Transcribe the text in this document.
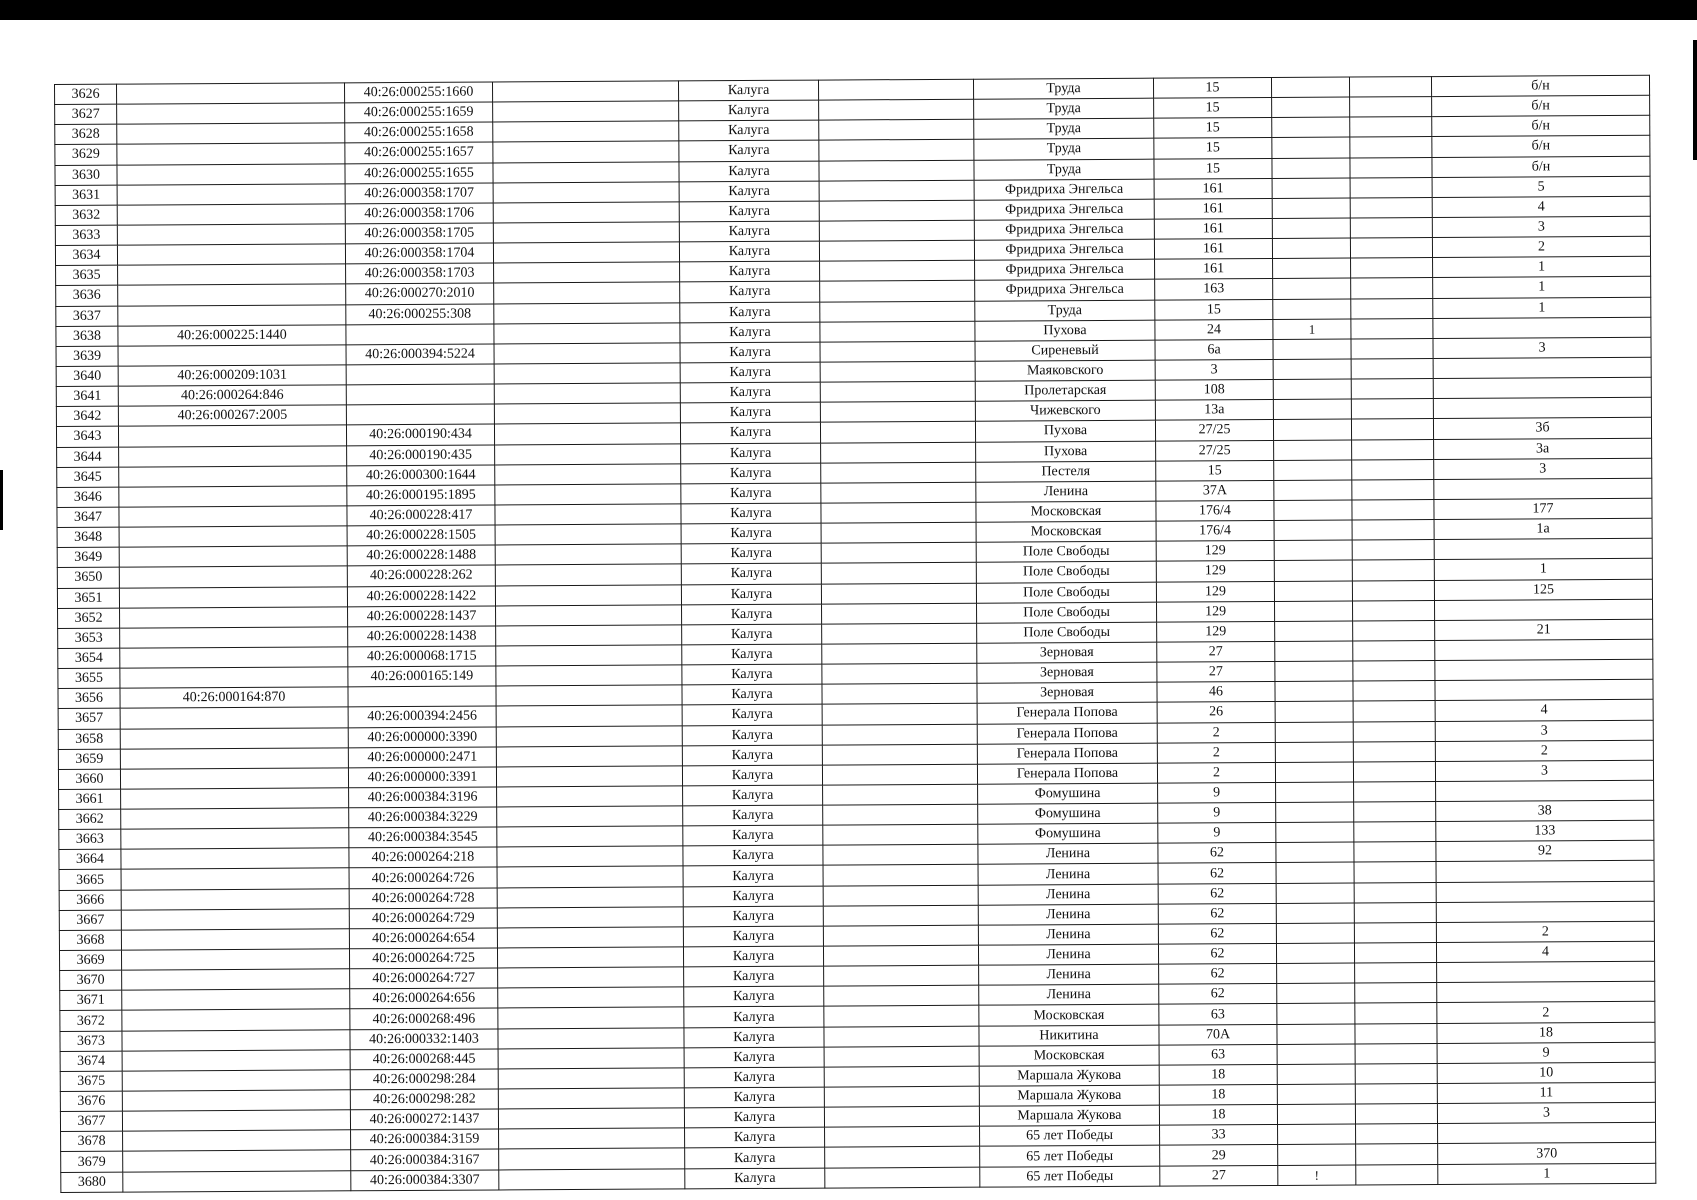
3626		40:26:000255:1660		Калуга		Труда	15			б/н
3627		40:26:000255:1659		Калуга		Труда	15			б/н
3628		40:26:000255:1658		Калуга		Труда	15			б/н
3629		40:26:000255:1657		Калуга		Труда	15			б/н
3630		40:26:000255:1655		Калуга		Труда	15			б/н
3631		40:26:000358:1707		Калуга		Фридриха Энгельса	161			5
3632		40:26:000358:1706		Калуга		Фридриха Энгельса	161			4
3633		40:26:000358:1705		Калуга		Фридриха Энгельса	161			3
3634		40:26:000358:1704		Калуга		Фридриха Энгельса	161			2
3635		40:26:000358:1703		Калуга		Фридриха Энгельса	161			1
3636		40:26:000270:2010		Калуга		Фридриха Энгельса	163			1
3637		40:26:000255:308		Калуга		Труда	15			1
3638	40:26:000225:1440			Калуга		Пухова	24	1		
3639		40:26:000394:5224		Калуга		Сиреневый	6а			3
3640	40:26:000209:1031			Калуга		Маяковского	3			
3641	40:26:000264:846			Калуга		Пролетарская	108			
3642	40:26:000267:2005			Калуга		Чижевского	13а			
3643		40:26:000190:434		Калуга		Пухова	27/25			3б
3644		40:26:000190:435		Калуга		Пухова	27/25			3а
3645		40:26:000300:1644		Калуга		Пестеля	15			3
3646		40:26:000195:1895		Калуга		Ленина	37А			
3647		40:26:000228:417		Калуга		Московская	176/4			177
3648		40:26:000228:1505		Калуга		Московская	176/4			1а
3649		40:26:000228:1488		Калуга		Поле Свободы	129			
3650		40:26:000228:262		Калуга		Поле Свободы	129			1
3651		40:26:000228:1422		Калуга		Поле Свободы	129			125
3652		40:26:000228:1437		Калуга		Поле Свободы	129			
3653		40:26:000228:1438		Калуга		Поле Свободы	129			21
3654		40:26:000068:1715		Калуга		Зерновая	27			
3655		40:26:000165:149		Калуга		Зерновая	27			
3656	40:26:000164:870			Калуга		Зерновая	46			
3657		40:26:000394:2456		Калуга		Генерала Попова	26			4
3658		40:26:000000:3390		Калуга		Генерала Попова	2			3
3659		40:26:000000:2471		Калуга		Генерала Попова	2			2
3660		40:26:000000:3391		Калуга		Генерала Попова	2			3
3661		40:26:000384:3196		Калуга		Фомушина	9			
3662		40:26:000384:3229		Калуга		Фомушина	9			38
3663		40:26:000384:3545		Калуга		Фомушина	9			133
3664		40:26:000264:218		Калуга		Ленина	62			92
3665		40:26:000264:726		Калуга		Ленина	62			
3666		40:26:000264:728		Калуга		Ленина	62			
3667		40:26:000264:729		Калуга		Ленина	62			
3668		40:26:000264:654		Калуга		Ленина	62			2
3669		40:26:000264:725		Калуга		Ленина	62			4
3670		40:26:000264:727		Калуга		Ленина	62			
3671		40:26:000264:656		Калуга		Ленина	62			
3672		40:26:000268:496		Калуга		Московская	63			2
3673		40:26:000332:1403		Калуга		Никитина	70А			18
3674		40:26:000268:445		Калуга		Московская	63			9
3675		40:26:000298:284		Калуга		Маршала Жукова	18			10
3676		40:26:000298:282		Калуга		Маршала Жукова	18			11
3677		40:26:000272:1437		Калуга		Маршала Жукова	18			3
3678		40:26:000384:3159		Калуга		65 лет Победы	33			
3679		40:26:000384:3167		Калуга		65 лет Победы	29			370
3680		40:26:000384:3307		Калуга		65 лет Победы	27	!		1
